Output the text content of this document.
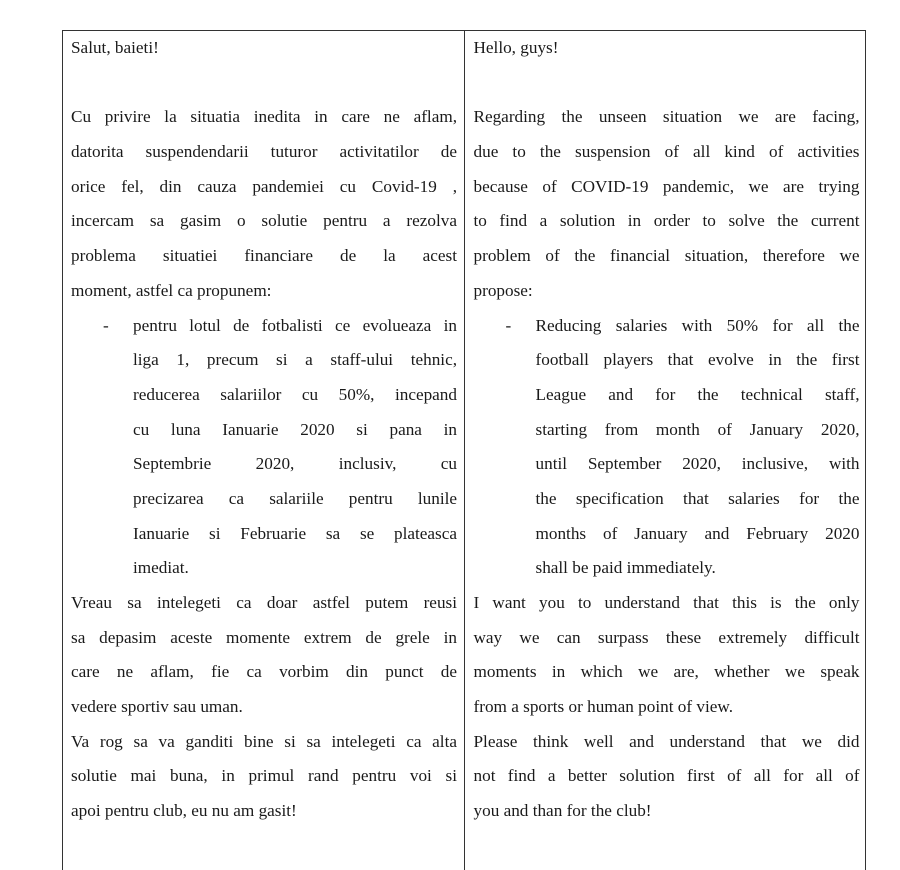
Salut, baieti!
Cu privire la situatia inedita in care ne aflam,
datorita suspendendarii tuturor activitatilor de
orice fel, din cauza pandemiei cu Covid-19 ,
incercam sa gasim o solutie pentru a rezolva
problema situatiei financiare de la acest
moment, astfel ca propunem:
- pentru lotul de fotbalisti ce evolueaza in
liga 1, precum si a staff-ului tehnic,
reducerea salariilor cu 50%, incepand
cu luna Ianuarie 2020 si pana in
Septembrie 2020, inclusiv, cu
precizarea ca salariile pentru lunile
Ianuarie si Februarie sa se plateasca
imediat.
Vreau sa intelegeti ca doar astfel putem reusi
sa depasim aceste momente extrem de grele in
care ne aflam, fie ca vorbim din punct de
vedere sportiv sau uman.
Va rog sa va ganditi bine si sa intelegeti ca alta
solutie mai buna, in primul rand pentru voi si
apoi pentru club, eu nu am gasit!
Hello, guys!
Regarding the unseen situation we are facing,
due to the suspension of all kind of activities
because of COVID-19 pandemic, we are trying
to find a solution in order to solve the current
problem of the financial situation, therefore we
propose:
- Reducing salaries with 50% for all the
football players that evolve in the first
League and for the technical staff,
starting from month of January 2020,
until September 2020, inclusive, with
the specification that salaries for the
months of January and February 2020
shall be paid immediately.
I want you to understand that this is the only
way we can surpass these extremely difficult
moments in which we are, whether we speak
from a sports or human point of view.
Please think well and understand that we did
not find a better solution first of all for all of
you and than for the club!
